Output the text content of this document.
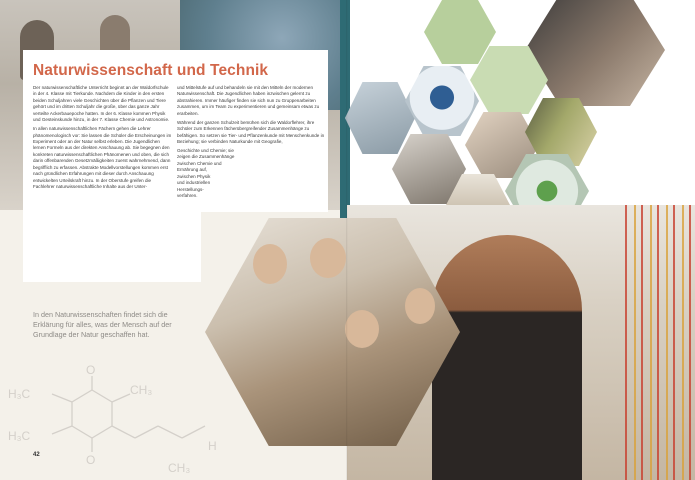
Naturwissenschaft und Technik

Der naturwissenschaftliche Unterricht beginnt an der Waldorfschule in der 4. Klasse mit Tierkunde. Nachdem die Kinder in den ersten beiden Schuljahren viele Geschichten über die Pflanzen und Tiere gehört und im dritten Schuljahr die große, über das ganze Jahr verteilte Ackerbauepoche hatten. In der 6. Klasse kommen Physik und Gesteinskunde hinzu, in der 7. Klasse Chemie und Astronomie.

In allen naturwissenschaftlichen Fächern gehen die Lehrer phänomenologisch vor: Sie lassen die Schüler die Erscheinungen im Experiment oder an der Natur selbst erleben. Die Jugendlichen lernen Formeln aus der direkten Anschauung ab. Sie begegnen den konkreten naturwissenschaftlichen Phänomenen und oben, die sich darin offenbarenden Gesetzmäßigkeiten zuerst wahrnehmend, dann begrifflich zu erfassen. Abstrakte Modellvorstellungen kommen erst nach gründlichen Erfahrungen mit dieser durch Anschauung entwickelten Urteilskraft hinzu. In der Oberstufe greifen die Fachlehrer naturwissenschaftliche Inhalte aus der Unter-

und Mittelstufe auf und behandeln sie mit den Mitteln der modernen Naturwissenschaft. Die Jugendlichen haben inzwischen gelernt zu abstrahieren. Immer häufiger finden sie sich nun zu Gruppenarbeiten zusammen, um im Team zu experimentieren und gemeinsam etwas zu erarbeiten.

Während der ganzen Schulzeit bemühen sich die Waldorflehrer, ihre Schüler zum Erkennen fächerübergreifender Zusammenhänge zu befähigen. So setzen sie Tier- und Pflanzenkunde mit Menschenkunde in Beziehung; sie verbinden Naturkunde mit Geografie,

Geschichte und Chemie; sie
zeigen die Zusammenhänge
zwischen Chemie und
Ernährung auf,
zwischen Physik
und industriellen
Herstellungs-
verfahren.

In den Naturwissenschaften findet sich die Erklärung für alles, was der Mensch auf der Grundlage der Natur geschaffen hat.

H₃C
H₃C
O
O
CH₃
CH₃
H
42
